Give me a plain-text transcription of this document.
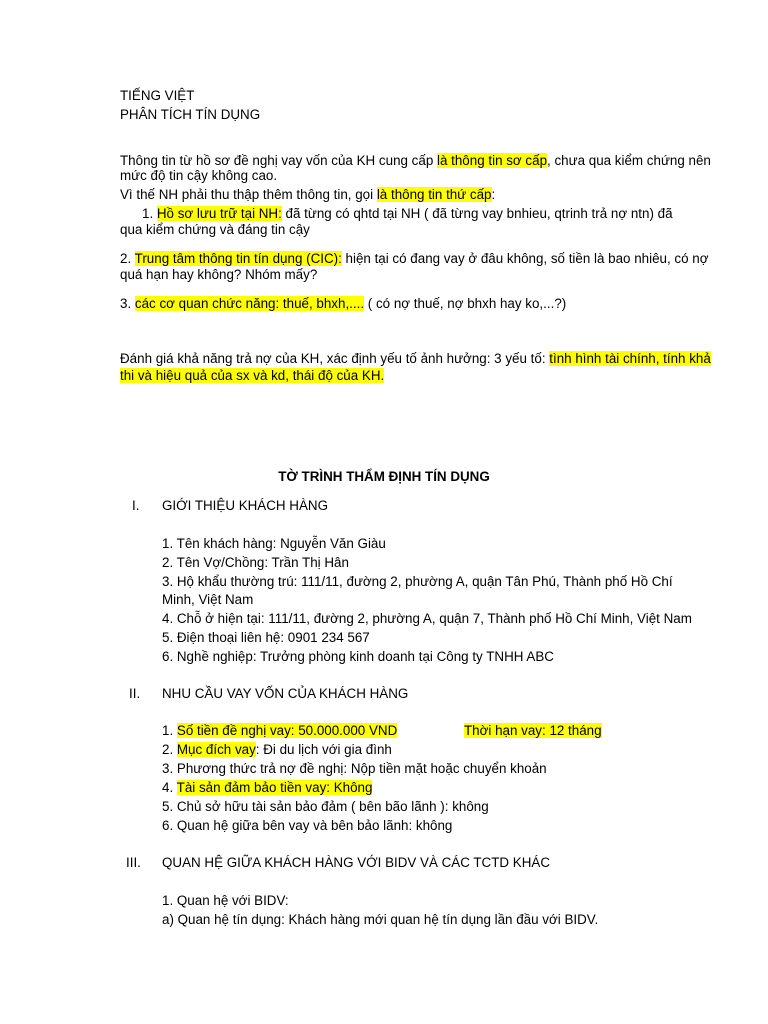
TIẾNG VIỆT
PHÂN TÍCH TÍN DỤNG
Thông tin từ hồ sơ đề nghị vay vốn của KH cung cấp là thông tin sơ cấp, chưa qua kiểm chứng nên
mức độ tin cậy không cao.
Vì thế NH phải thu thập thêm thông tin, gọi là thông tin thứ cấp:
1. Hồ sơ lưu trữ tại NH: đã từng có qhtd tại NH ( đã từng vay bnhieu, qtrinh trả nợ ntn) đã
qua kiểm chứng và đáng tin cậy
2. Trung tâm thông tin tín dụng (CIC): hiện tại có đang vay ở đâu không, số tiền là bao nhiêu, có nợ
quá hạn hay không? Nhóm mấy?
3. các cơ quan chức năng: thuế, bhxh,.... ( có nợ thuế, nợ bhxh hay ko,...?)
Đánh giá khả năng trả nợ của KH, xác định yếu tố ảnh hưởng: 3 yếu tố: tình hình tài chính, tính khả
thi và hiệu quả của sx và kd, thái độ của KH.
TỜ TRÌNH THẨM ĐỊNH TÍN DỤNG
I. GIỚI THIỆU KHÁCH HÀNG
1. Tên khách hàng: Nguyễn Văn Giàu
2. Tên Vợ/Chồng: Trần Thị Hân
3. Hộ khẩu thường trú: 111/11, đường 2, phường A, quận Tân Phú, Thành phố Hồ Chí
Minh, Việt Nam
4. Chỗ ở hiện tại: 111/11, đường 2, phường A, quận 7, Thành phố Hồ Chí Minh, Việt Nam
5. Điện thoại liên hệ: 0901 234 567
6. Nghề nghiệp: Trưởng phòng kinh doanh tại Công ty TNHH ABC
II. NHU CẦU VAY VỐN CỦA KHÁCH HÀNG
1. Số tiền đề nghị vay: 50.000.000 VND	Thời hạn vay: 12 tháng
2. Mục đích vay: Đi du lịch với gia đình
3. Phương thức trả nợ đề nghị: Nộp tiền mặt hoặc chuyển khoản
4. Tài sản đảm bảo tiền vay: Không
5. Chủ sở hữu tài sản bảo đảm ( bên bão lãnh ): không
6. Quan hệ giữa bên vay và bên bảo lãnh: không
III. QUAN HỆ GIỮA KHÁCH HÀNG VỚI BIDV VÀ CÁC TCTD KHÁC
1. Quan hệ với BIDV:
a) Quan hệ tín dụng: Khách hàng mới quan hệ tín dụng lần đầu với BIDV.
